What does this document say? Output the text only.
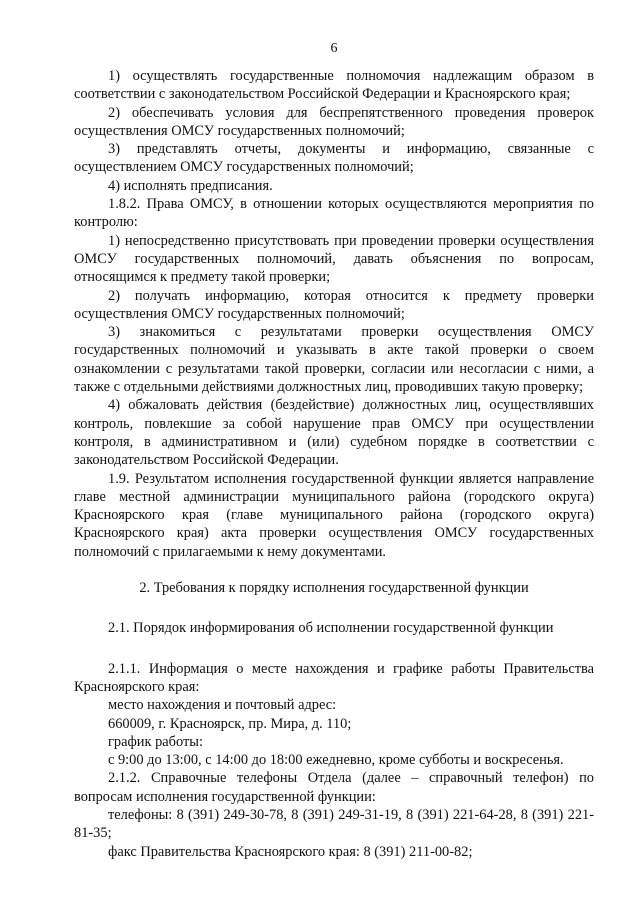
6

1) осуществлять государственные полномочия надлежащим образом в соответствии с законодательством Российской Федерации и Красноярского края;

2) обеспечивать условия для беспрепятственного проведения проверок осуществления ОМСУ государственных полномочий;

3) представлять отчеты, документы и информацию, связанные с осуществлением ОМСУ государственных полномочий;

4) исполнять предписания.

1.8.2. Права ОМСУ, в отношении которых осуществляются мероприятия по контролю:

1) непосредственно присутствовать при проведении проверки осуществления ОМСУ государственных полномочий, давать объяснения по вопросам, относящимся к предмету такой проверки;

2) получать информацию, которая относится к предмету проверки осуществления ОМСУ государственных полномочий;

3) знакомиться с результатами проверки осуществления ОМСУ государственных полномочий и указывать в акте такой проверки о своем ознакомлении с результатами такой проверки, согласии или несогласии с ними, а также с отдельными действиями должностных лиц, проводивших такую проверку;

4) обжаловать действия (бездействие) должностных лиц, осуществлявших контроль, повлекшие за собой нарушение прав ОМСУ при осуществлении контроля, в административном и (или) судебном порядке в соответствии с законодательством Российской Федерации.

1.9. Результатом исполнения государственной функции является направление главе местной администрации муниципального района (городского округа) Красноярского края (главе муниципального района (городского округа) Красноярского края) акта проверки осуществления ОМСУ государственных полномочий с прилагаемыми к нему документами.

2. Требования к порядку исполнения государственной функции

2.1. Порядок информирования об исполнении государственной функции

2.1.1. Информация о месте нахождения и графике работы Правительства Красноярского края:

место нахождения и почтовый адрес:

660009, г. Красноярск, пр. Мира, д. 110;

график работы:

с 9:00 до 13:00, с 14:00 до 18:00 ежедневно, кроме субботы и воскресенья.

2.1.2. Справочные телефоны Отдела (далее – справочный телефон) по вопросам исполнения государственной функции:

телефоны: 8 (391) 249-30-78, 8 (391) 249-31-19, 8 (391) 221-64-28, 8 (391) 221-81-35;

факс Правительства Красноярского края: 8 (391) 211-00-82;
